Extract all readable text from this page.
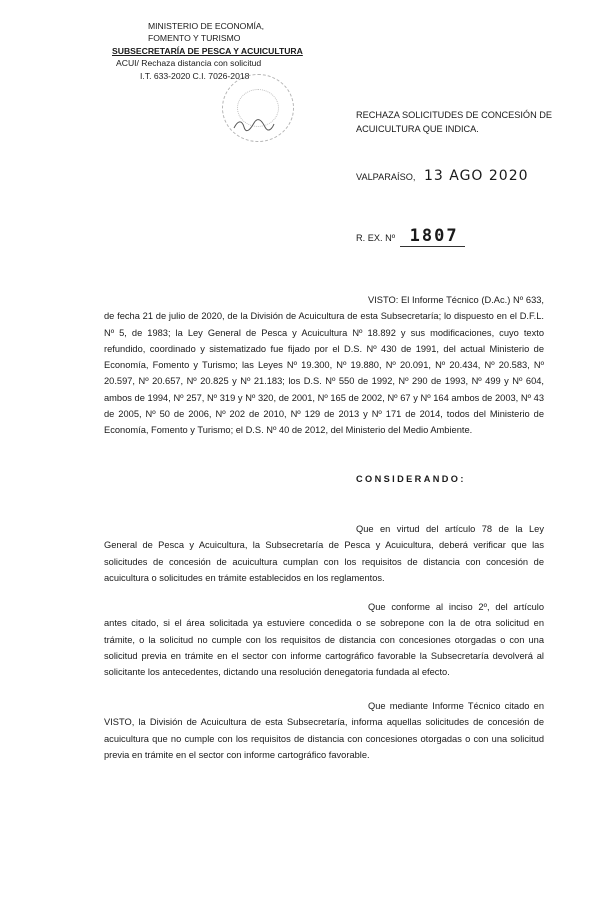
MINISTERIO DE ECONOMÍA,
FOMENTO Y TURISMO
SUBSECRETARÍA DE PESCA Y ACUICULTURA
ACUI/ Rechaza distancia con solicitud
I.T. 633-2020 C.I. 7026-2018
RECHAZA SOLICITUDES DE CONCESIÓN DE ACUICULTURA QUE INDICA.
VALPARAÍSO, 13 AGO 2020
R. EX. Nº 1807

VISTO: El Informe Técnico (D.Ac.) Nº 633, de fecha 21 de julio de 2020, de la División de Acuicultura de esta Subsecretaría; lo dispuesto en el D.F.L. Nº 5, de 1983; la Ley General de Pesca y Acuicultura Nº 18.892 y sus modificaciones, cuyo texto refundido, coordinado y sistematizado fue fijado por el D.S. Nº 430 de 1991, del actual Ministerio de Economía, Fomento y Turismo; las Leyes Nº 19.300, Nº 19.880, Nº 20.091, Nº 20.434, Nº 20.583, Nº 20.597, Nº 20.657, Nº 20.825 y Nº 21.183; los D.S. Nº 550 de 1992, Nº 290 de 1993, Nº 499 y Nº 604, ambos de 1994, Nº 257, Nº 319 y Nº 320, de 2001, Nº 165 de 2002, Nº 67 y Nº 164 ambos de 2003, Nº 43 de 2005, Nº 50 de 2006, Nº 202 de 2010, Nº 129 de 2013 y Nº 171 de 2014, todos del Ministerio de Economía, Fomento y Turismo; el D.S. Nº 40 de 2012, del Ministerio del Medio Ambiente.

CONSIDERANDO:

Que en virtud del artículo 78 de la Ley General de Pesca y Acuicultura, la Subsecretaría de Pesca y Acuicultura, deberá verificar que las solicitudes de concesión de acuicultura cumplan con los requisitos de distancia con concesión de acuicultura o solicitudes en trámite establecidos en los reglamentos.

Que conforme al inciso 2º, del artículo antes citado, si el área solicitada ya estuviere concedida o se sobrepone con la de otra solicitud en trámite, o la solicitud no cumple con los requisitos de distancia con concesiones otorgadas o con una solicitud previa en trámite en el sector con informe cartográfico favorable la Subsecretaría devolverá al solicitante los antecedentes, dictando una resolución denegatoria fundada al efecto.

Que mediante Informe Técnico citado en VISTO, la División de Acuicultura de esta Subsecretaría, informa aquellas solicitudes de concesión de acuicultura que no cumple con los requisitos de distancia con concesiones otorgadas o con una solicitud previa en trámite en el sector con informe cartográfico favorable.
